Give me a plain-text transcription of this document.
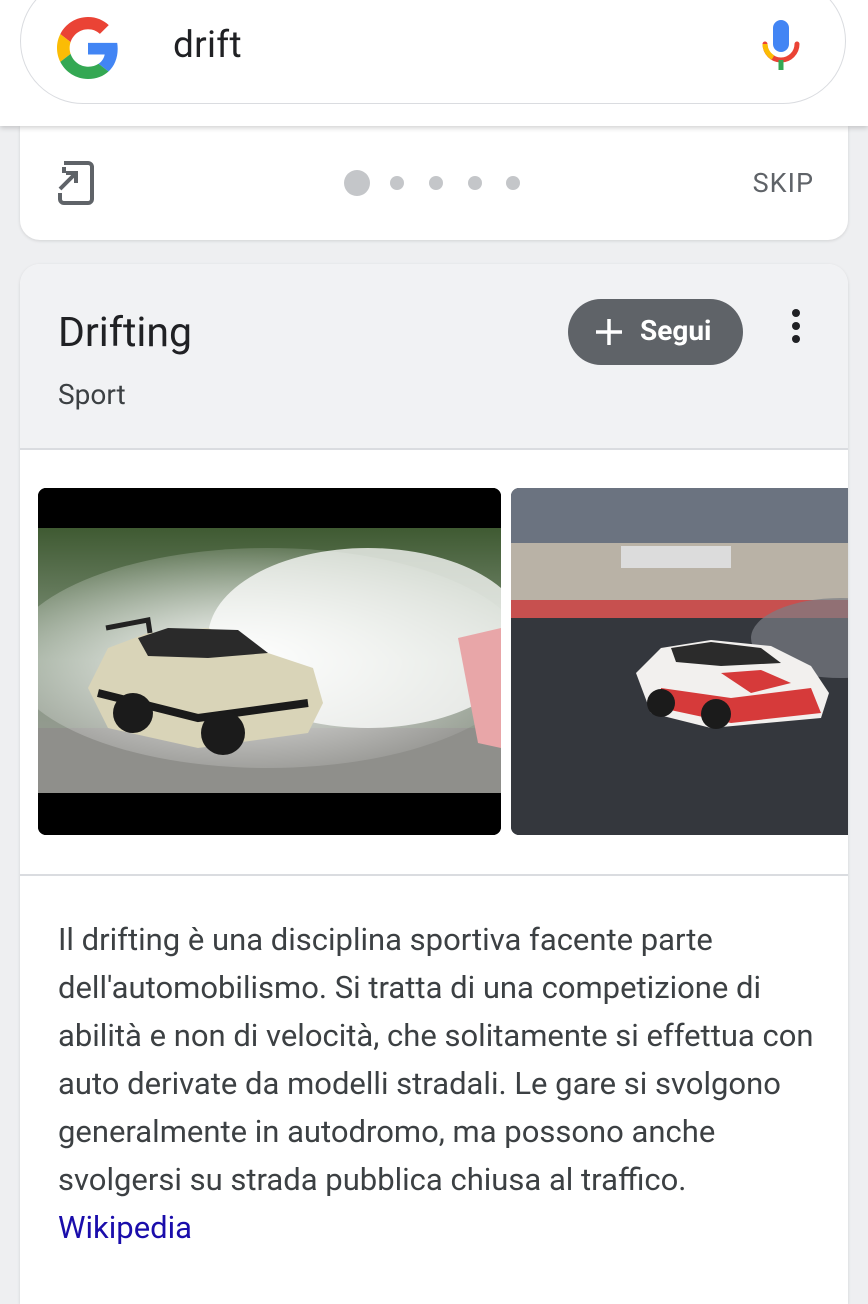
drift
SKIP
Drifting
Sport
Segui
Il drifting è una disciplina sportiva facente parte dell'automobilismo. Si tratta di una competizione di abilità e non di velocità, che solitamente si effettua con auto derivate da modelli stradali. Le gare si svolgono generalmente in autodromo, ma possono anche svolgersi su strada pubblica chiusa al traffico. Wikipedia
